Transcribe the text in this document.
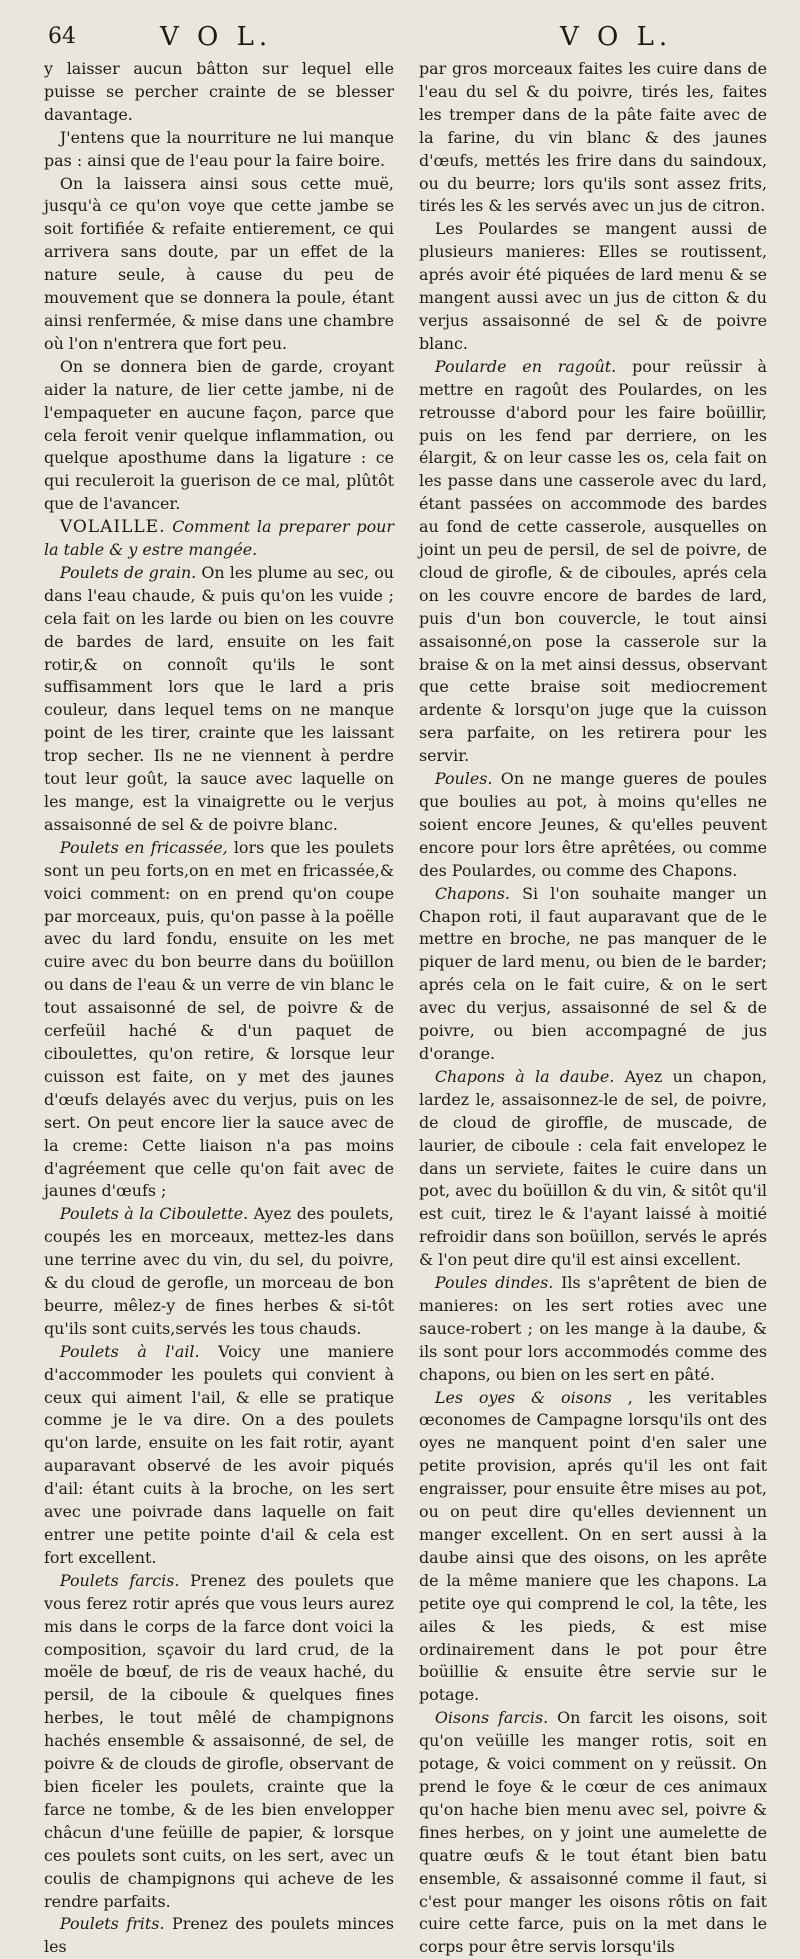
64	V O L.	V O L.

y laisser aucun bâtton sur lequel elle puisse se percher crainte de se blesser davantage.

J'entens que la nourriture ne lui manque pas : ainsi que de l'eau pour la faire boire.

On la laissera ainsi sous cette muë, jusqu'à ce qu'on voye que cette jambe se soit fortifiée & refaite entierement, ce qui arrivera sans doute, par un effet de la nature seule, à cause du peu de mouvement que se donnera la poule, étant ainsi renfermée, & mise dans une chambre où l'on n'entrera que fort peu.

On se donnera bien de garde, croyant aider la nature, de lier cette jambe, ni de l'empaqueter en aucune façon, parce que cela feroit venir quelque inflammation, ou quelque aposthume dans la ligature : ce qui reculeroit la guerison de ce mal, plûtôt que de l'avancer.

VOLAILLE. Comment la preparer pour la table & y estre mangée.

Poulets de grain. On les plume au sec, ou dans l'eau chaude, & puis qu'on les vuide ; cela fait on les larde ou bien on les couvre de bardes de lard, ensuite on les fait rotir,& on connoît qu'ils le sont suffisamment lors que le lard a pris couleur, dans lequel tems on ne manque point de les tirer, crainte que les laissant trop secher. Ils ne ne viennent à perdre tout leur goût, la sauce avec laquelle on les mange, est la vinaigrette ou le verjus assaisonné de sel & de poivre blanc.

Poulets en fricassée, lors que les poulets sont un peu forts,on en met en fricassée,& voici comment: on en prend qu'on coupe par morceaux, puis, qu'on passe à la poëlle avec du lard fondu, ensuite on les met cuire avec du bon beurre dans du boüillon ou dans de l'eau & un verre de vin blanc le tout assaisonné de sel, de poivre & de cerfeüil haché & d'un paquet de ciboulettes, qu'on retire, & lorsque leur cuisson est faite, on y met des jaunes d'œufs delayés avec du verjus, puis on les sert. On peut encore lier la sauce avec de la creme: Cette liaison n'a pas moins d'agréement que celle qu'on fait avec de jaunes d'œufs ;

Poulets à la Ciboulette. Ayez des poulets, coupés les en morceaux, mettez-les dans une terrine avec du vin, du sel, du poivre, & du cloud de gerofle, un morceau de bon beurre, mêlez-y de fines herbes & si-tôt qu'ils sont cuits,servés les tous chauds.

Poulets à l'ail. Voicy une maniere d'accommoder les poulets qui convient à ceux qui aiment l'ail, & elle se pratique comme je le va dire. On a des poulets qu'on larde, ensuite on les fait rotir, ayant auparavant observé de les avoir piqués d'ail: étant cuits à la broche, on les sert avec une poivrade dans laquelle on fait entrer une petite pointe d'ail & cela est fort excellent.

Poulets farcis. Prenez des poulets que vous ferez rotir aprés que vous leurs aurez mis dans le corps de la farce dont voici la composition, sçavoir du lard crud, de la moële de bœuf, de ris de veaux haché, du persil, de la ciboule & quelques fines herbes, le tout mêlé de champignons hachés ensemble & assaisonné, de sel, de poivre & de clouds de girofle, observant de bien ficeler les poulets, crainte que la farce ne tombe, & de les bien envelopper châcun d'une feüille de papier, & lorsque ces poulets sont cuits, on les sert, avec un coulis de champignons qui acheve de les rendre parfaits.

Poulets frits. Prenez des poulets minces les

par gros morceaux faites les cuire dans de l'eau du sel & du poivre, tirés les, faites les tremper dans de la pâte faite avec de la farine, du vin blanc & des jaunes d'œufs, mettés les frire dans du saindoux, ou du beurre; lors qu'ils sont assez frits, tirés les & les servés avec un jus de citron.

Les Poulardes se mangent aussi de plusieurs manieres: Elles se routissent, aprés avoir été piquées de lard menu & se mangent aussi avec un jus de citton & du verjus assaisonné de sel & de poivre blanc.

Poularde en ragoût. pour reüssir à mettre en ragoût des Poulardes, on les retrousse d'abord pour les faire boüillir, puis on les fend par derriere, on les élargit, & on leur casse les os, cela fait on les passe dans une casserole avec du lard, étant passées on accommode des bardes au fond de cette casserole, ausquelles on joint un peu de persil, de sel de poivre, de cloud de girofle, & de ciboules, aprés cela on les couvre encore de bardes de lard, puis d'un bon couvercle, le tout ainsi assaisonné,on pose la casserole sur la braise & on la met ainsi dessus, observant que cette braise soit mediocrement ardente & lorsqu'on juge que la cuisson sera parfaite, on les retirera pour les servir.

Poules. On ne mange gueres de poules que boulies au pot, à moins qu'elles ne soient encore Jeunes, & qu'elles peuvent encore pour lors être aprêtées, ou comme des Poulardes, ou comme des Chapons.

Chapons. Si l'on souhaite manger un Chapon roti, il faut auparavant que de le mettre en broche, ne pas manquer de le piquer de lard menu, ou bien de le barder; aprés cela on le fait cuire, & on le sert avec du verjus, assaisonné de sel & de poivre, ou bien accompagné de jus d'orange.

Chapons à la daube. Ayez un chapon, lardez le, assaisonnez-le de sel, de poivre, de cloud de giroffle, de muscade, de laurier, de ciboule : cela fait envelopez le dans un serviete, faites le cuire dans un pot, avec du boüillon & du vin, & sitôt qu'il est cuit, tirez le & l'ayant laissé à moitié refroidir dans son boüillon, servés le aprés & l'on peut dire qu'il est ainsi excellent.

Poules dindes. Ils s'aprêtent de bien de manieres: on les sert roties avec une sauce-robert ; on les mange à la daube, & ils sont pour lors accommodés comme des chapons, ou bien on les sert en pâté.

Les oyes & oisons , les veritables œconomes de Campagne lorsqu'ils ont des oyes ne manquent point d'en saler une petite provision, aprés qu'il les ont fait engraisser, pour ensuite être mises au pot, ou on peut dire qu'elles deviennent un manger excellent. On en sert aussi à la daube ainsi que des oisons, on les aprête de la même maniere que les chapons. La petite oye qui comprend le col, la tête, les ailes & les pieds, & est mise ordinairement dans le pot pour être boüillie & ensuite être servie sur le potage.

Oisons farcis. On farcit les oisons, soit qu'on veüille les manger rotis, soit en potage, & voici comment on y reüssit. On prend le foye & le cœur de ces animaux qu'on hache bien menu avec sel, poivre & fines herbes, on y joint une aumelette de quatre œufs & le tout étant bien batu ensemble, & assaisonné comme il faut, si c'est pour manger les oisons rôtis on fait cuire cette farce, puis on la met dans le corps pour être servis lorsqu'ils
